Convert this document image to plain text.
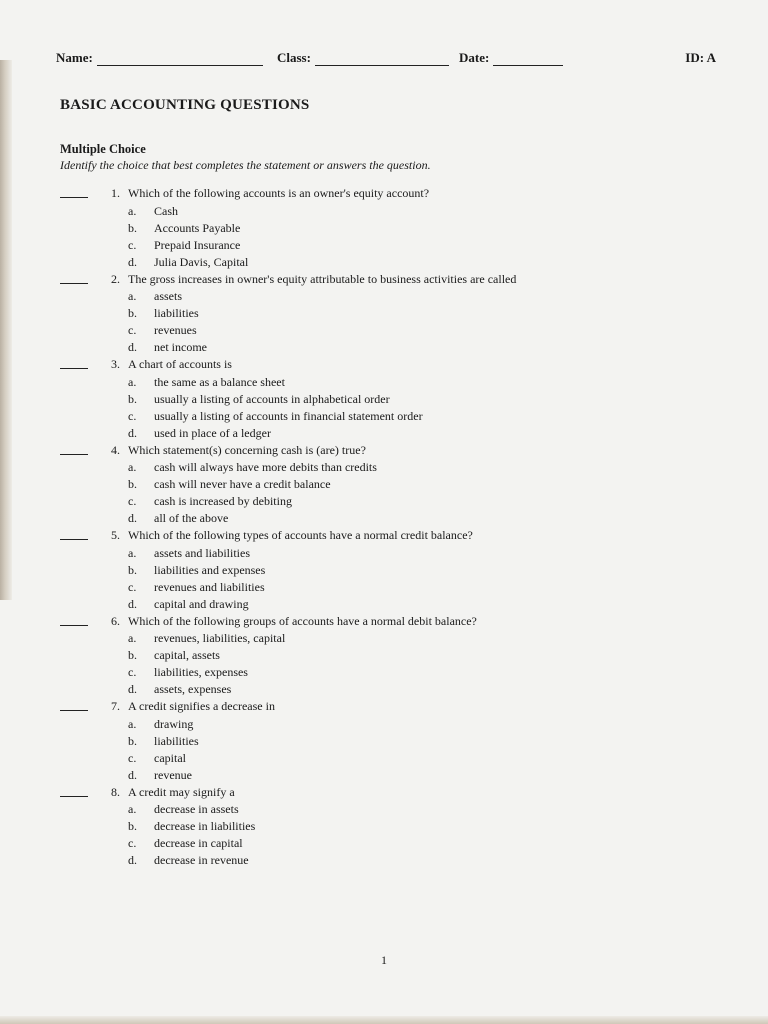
Name:	Class:	Date:	ID: A
BASIC ACCOUNTING QUESTIONS
Multiple Choice
Identify the choice that best completes the statement or answers the question.
1. Which of the following accounts is an owner's equity account?
a. Cash
b. Accounts Payable
c. Prepaid Insurance
d. Julia Davis, Capital
2. The gross increases in owner's equity attributable to business activities are called
a. assets
b. liabilities
c. revenues
d. net income
3. A chart of accounts is
a. the same as a balance sheet
b. usually a listing of accounts in alphabetical order
c. usually a listing of accounts in financial statement order
d. used in place of a ledger
4. Which statement(s) concerning cash is (are) true?
a. cash will always have more debits than credits
b. cash will never have a credit balance
c. cash is increased by debiting
d. all of the above
5. Which of the following types of accounts have a normal credit balance?
a. assets and liabilities
b. liabilities and expenses
c. revenues and liabilities
d. capital and drawing
6. Which of the following groups of accounts have a normal debit balance?
a. revenues, liabilities, capital
b. capital, assets
c. liabilities, expenses
d. assets, expenses
7. A credit signifies a decrease in
a. drawing
b. liabilities
c. capital
d. revenue
8. A credit may signify a
a. decrease in assets
b. decrease in liabilities
c. decrease in capital
d. decrease in revenue
1
